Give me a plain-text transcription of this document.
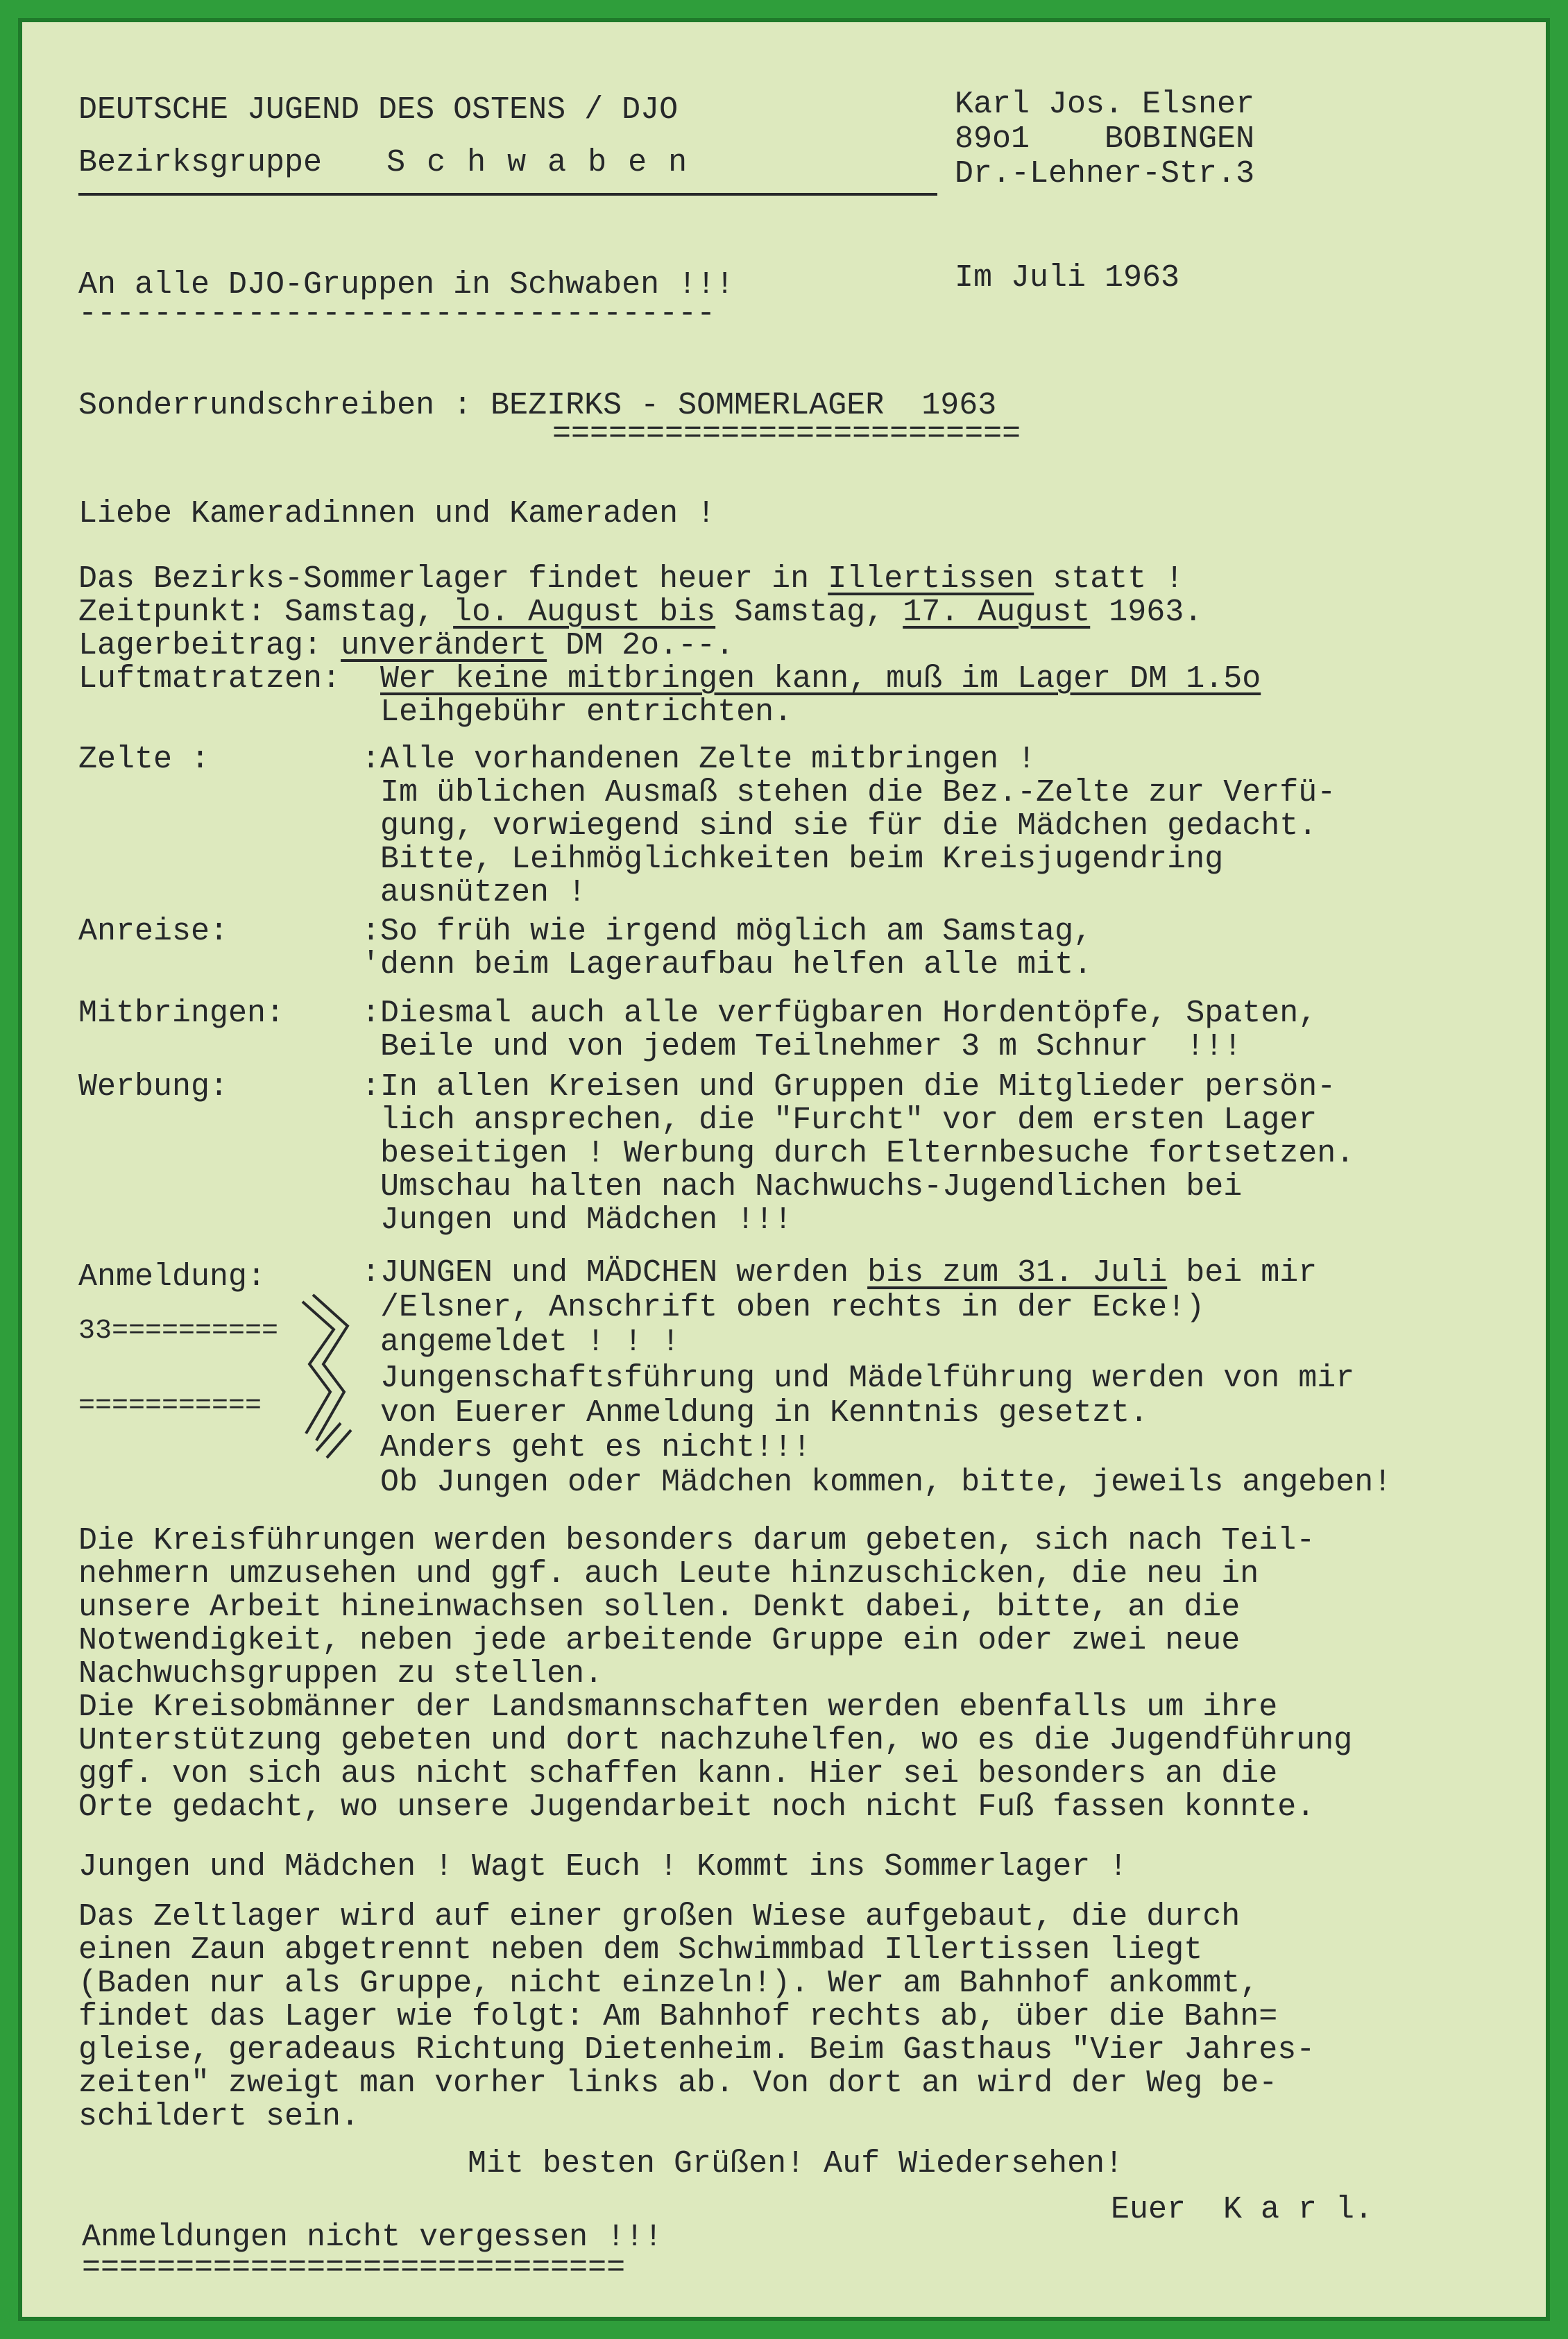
DEUTSCHE JUGEND DES OSTENS / DJO
Bezirksgruppe   S c h w a b e n
Karl Jos. Elsner
89o1    BOBINGEN
Dr.-Lehner-Str.3
An alle DJO-Gruppen in Schwaben !!!
----------------------------------
Im Juli 1963
Sonderrundschreiben : BEZIRKS - SOMMERLAGER  1963
=========================
Liebe Kameradinnen und Kameraden !
Das Bezirks-Sommerlager findet heuer in Illertissen statt !
Zeitpunkt: Samstag, lo. August bis Samstag, 17. August 1963.
Lagerbeitrag: unverändert DM 2o.--.
Luftmatratzen: Wer keine mitbringen kann, muß im Lager DM 1.5o
Leihgebühr entrichten.
Zelte :	:Alle vorhandenen Zelte mitbringen !
Im üblichen Ausmaß stehen die Bez.-Zelte zur Verfü-
gung, vorwiegend sind sie für die Mädchen gedacht.
Bitte, Leihmöglichkeiten beim Kreisjugendring
ausnützen !
Anreise:	:So früh wie irgend möglich am Samstag,
'denn beim Lageraufbau helfen alle mit.
Mitbringen: :Diesmal auch alle verfügbaren Hordentöpfe, Spaten,
Beile und von jedem Teilnehmer 3 m Schnur  !!!
Werbung:	:In allen Kreisen und Gruppen die Mitglieder persön-
lich ansprechen, die "Furcht" vor dem ersten Lager
beseitigen ! Werbung durch Elternbesuche fortsetzen.
Umschau halten nach Nachwuchs-Jugendlichen bei
Jungen und Mädchen !!!
Anmeldung:	:JUNGEN und MÄDCHEN werden bis zum 31. Juli bei mir
/Elsner, Anschrift oben rechts in der Ecke!)
angemeldet ! ! !
Jungenschaftsführung und Mädelführung werden von mir
von Euerer Anmeldung in Kenntnis gesetzt.
Anders geht es nicht!!!
Ob Jungen oder Mädchen kommen, bitte, jeweils angeben!
33==========
===========
Die Kreisführungen werden besonders darum gebeten, sich nach Teil-
nehmern umzusehen und ggf. auch Leute hinzuschicken, die neu in
unsere Arbeit hineinwachsen sollen. Denkt dabei, bitte, an die
Notwendigkeit, neben jede arbeitende Gruppe ein oder zwei neue
Nachwuchsgruppen zu stellen.
Die Kreisobmänner der Landsmannschaften werden ebenfalls um ihre
Unterstützung gebeten und dort nachzuhelfen, wo es die Jugendführung
ggf. von sich aus nicht schaffen kann. Hier sei besonders an die
Orte gedacht, wo unsere Jugendarbeit noch nicht Fuß fassen konnte.
Jungen und Mädchen ! Wagt Euch ! Kommt ins Sommerlager !
Das Zeltlager wird auf einer großen Wiese aufgebaut, die durch
einen Zaun abgetrennt neben dem Schwimmbad Illertissen liegt
(Baden nur als Gruppe, nicht einzeln!). Wer am Bahnhof ankommt,
findet das Lager wie folgt: Am Bahnhof rechts ab, über die Bahn=
gleise, geradeaus Richtung Dietenheim. Beim Gasthaus "Vier Jahres-
zeiten" zweigt man vorher links ab. Von dort an wird der Weg be-
schildert sein.
Mit besten Grüßen! Auf Wiedersehen!
Euer  K a r l.
Anmeldungen nicht vergessen !!!
=============================
